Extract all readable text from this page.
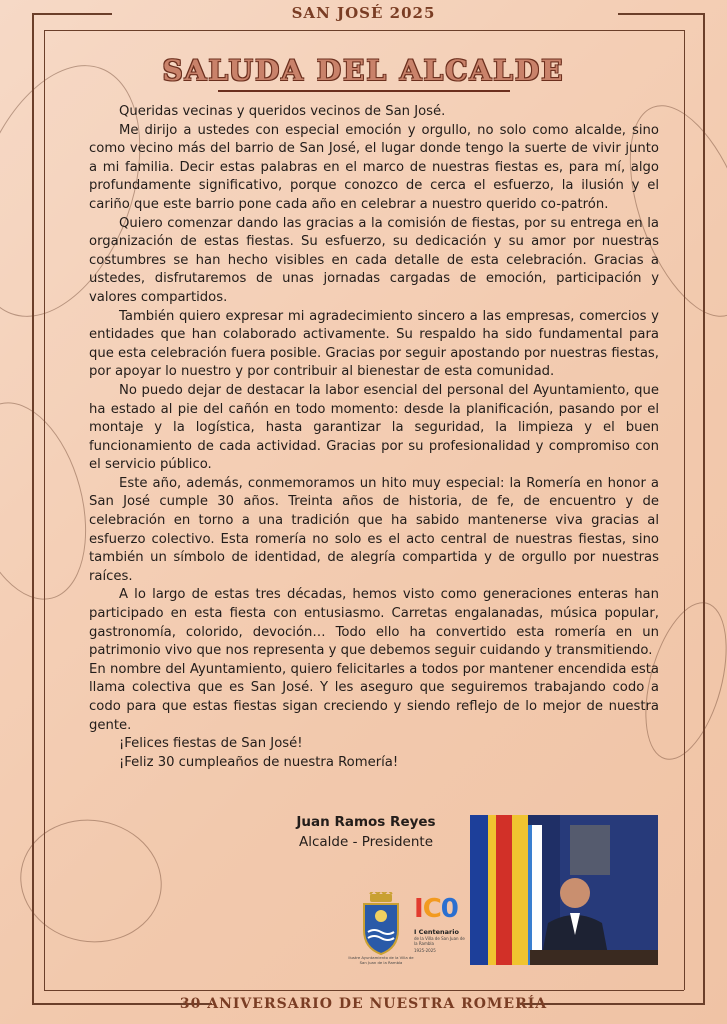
SAN JOSÉ 2025
SALUDA DEL ALCALDE

Queridas vecinas y queridos vecinos de San José.

Me dirijo a ustedes con especial emoción y orgullo, no solo como alcalde, sino como vecino más del barrio de San José, el lugar donde tengo la suerte de vivir junto a mi familia. Decir estas palabras en el marco de nuestras fiestas es, para mí, algo profundamente significativo, porque conozco de cerca el esfuerzo, la ilusión y el cariño que este barrio pone cada año en celebrar a nuestro querido co-patrón.

Quiero comenzar dando las gracias a la comisión de fiestas, por su entrega en la organización de estas fiestas. Su esfuerzo, su dedicación y su amor por nuestras costumbres se han hecho visibles en cada detalle de esta celebración. Gracias a ustedes, disfrutaremos de unas jornadas cargadas de emoción, participación y valores compartidos.

También quiero expresar mi agradecimiento sincero a las empresas, comercios y entidades que han colaborado activamente. Su respaldo ha sido fundamental para que esta celebración fuera posible. Gracias por seguir apostando por nuestras fiestas, por apoyar lo nuestro y por contribuir al bienestar de esta comunidad.

No puedo dejar de destacar la labor esencial del personal del Ayuntamiento, que ha estado al pie del cañón en todo momento: desde la planificación, pasando por el montaje y la logística, hasta garantizar la seguridad, la limpieza y el buen funcionamiento de cada actividad. Gracias por su profesionalidad y compromiso con el servicio público.

Este año, además, conmemoramos un hito muy especial: la Romería en honor a San José cumple 30 años. Treinta años de historia, de fe, de encuentro y de celebración en torno a una tradición que ha sabido mantenerse viva gracias al esfuerzo colectivo. Esta romería no solo es el acto central de nuestras fiestas, sino también un símbolo de identidad, de alegría compartida y de orgullo por nuestras raíces.

A lo largo de estas tres décadas, hemos visto como generaciones enteras han participado en esta fiesta con entusiasmo. Carretas engalanadas, música popular, gastronomía, colorido, devoción… Todo ello ha convertido esta romería en un patrimonio vivo que nos representa y que debemos seguir cuidando y transmitiendo.

En nombre del Ayuntamiento, quiero felicitarles a todos por mantener encendida esta llama colectiva que es San José. Y les aseguro que seguiremos trabajando codo a codo para que estas fiestas sigan creciendo y siendo reflejo de lo mejor de nuestra gente.

¡Felices fiestas de San José!

¡Feliz 30 cumpleaños de nuestra Romería!

Juan Ramos Reyes
Alcalde - Presidente
Ilustre Ayuntamiento de la Villa de San Juan de la Rambla
IC0
I Centenario
de la Villa de San Juan de la Rambla
1925-2025
30 ANIVERSARIO DE NUESTRA ROMERÍA
